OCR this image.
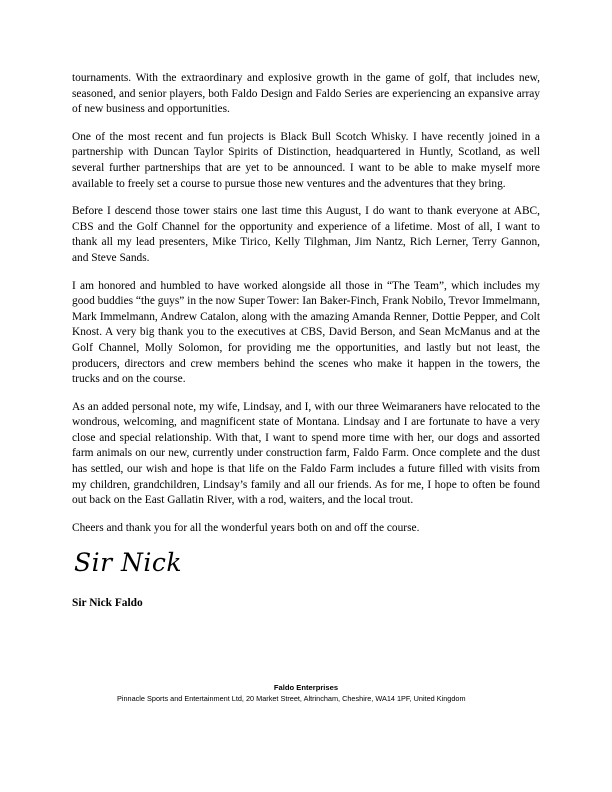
tournaments. With the extraordinary and explosive growth in the game of golf, that includes new, seasoned, and senior players, both Faldo Design and Faldo Series are experiencing an expansive array of new business and opportunities.

One of the most recent and fun projects is Black Bull Scotch Whisky. I have recently joined in a partnership with Duncan Taylor Spirits of Distinction, headquartered in Huntly, Scotland, as well several further partnerships that are yet to be announced. I want to be able to make myself more available to freely set a course to pursue those new ventures and the adventures that they bring.

Before I descend those tower stairs one last time this August, I do want to thank everyone at ABC, CBS and the Golf Channel for the opportunity and experience of a lifetime. Most of all, I want to thank all my lead presenters, Mike Tirico, Kelly Tilghman, Jim Nantz, Rich Lerner, Terry Gannon, and Steve Sands.

I am honored and humbled to have worked alongside all those in “The Team”, which includes my good buddies “the guys” in the now Super Tower: Ian Baker-Finch, Frank Nobilo, Trevor Immelmann, Mark Immelmann, Andrew Catalon, along with the amazing Amanda Renner, Dottie Pepper, and Colt Knost. A very big thank you to the executives at CBS, David Berson, and Sean McManus and at the Golf Channel, Molly Solomon, for providing me the opportunities, and lastly but not least, the producers, directors and crew members behind the scenes who make it happen in the towers, the trucks and on the course.

As an added personal note, my wife, Lindsay, and I, with our three Weimaraners have relocated to the wondrous, welcoming, and magnificent state of Montana. Lindsay and I are fortunate to have a very close and special relationship. With that, I want to spend more time with her, our dogs and assorted farm animals on our new, currently under construction farm, Faldo Farm. Once complete and the dust has settled, our wish and hope is that life on the Faldo Farm includes a future filled with visits from my children, grandchildren, Lindsay’s family and all our friends. As for me, I hope to often be found out back on the East Gallatin River, with a rod, waiters, and the local trout.

Cheers and thank you for all the wonderful years both on and off the course.

Sir Nick
Sir Nick Faldo
Faldo Enterprises
Pinnacle Sports and Entertainment Ltd, 20 Market Street, Altrincham, Cheshire, WA14 1PF, United Kingdom
